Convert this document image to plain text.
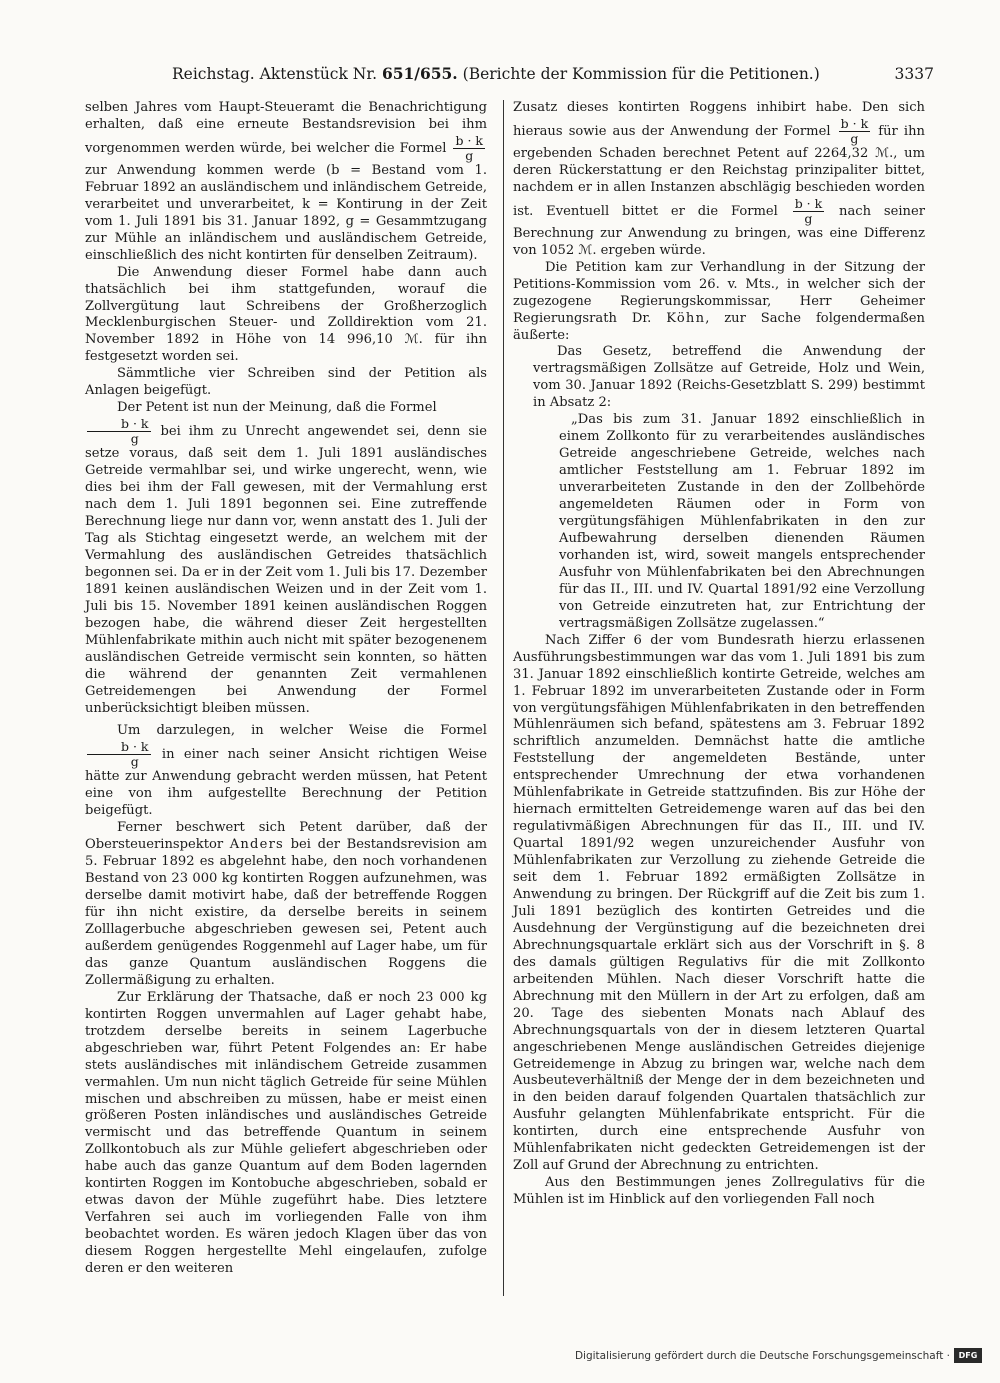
Reichstag. Aktenstück Nr. 651/655. (Berichte der Kommission für die Petitionen.)	3337

selben Jahres vom Haupt-Steueramt die Benachrichtigung erhalten, daß eine erneute Bestandsrevision bei ihm vorgenommen werden würde, bei welcher die Formel $\frac{b \cdot k}{g}$
zur Anwendung kommen werde (b = Bestand vom 1. Februar 1892 an ausländischem und inländischem Getreide, verarbeitet und unverarbeitet, k = Kontirung in der Zeit vom 1. Juli 1891 bis 31. Januar 1892, g = Gesammtzugang zur Mühle an inländischem und ausländischem Getreide, einschließlich des nicht kontirten für denselben Zeitraum).

Die Anwendung dieser Formel habe dann auch thatsächlich bei ihm stattgefunden, worauf die Zollvergütung laut Schreibens der Großherzoglich Mecklenburgischen Steuer- und Zolldirektion vom 21. November 1892 in Höhe von 14 996,10 ℳ. für ihn festgesetzt worden sei.

Sämmtliche vier Schreiben sind der Petition als Anlagen beigefügt.

Der Petent ist nun der Meinung, daß die Formel

$\frac{b \cdot k}{g}$ bei ihm zu Unrecht angewendet sei, denn sie setze voraus, daß seit dem 1. Juli 1891 ausländisches Getreide vermahlbar sei, und wirke ungerecht, wenn, wie dies bei ihm der Fall gewesen, mit der Vermahlung erst nach dem 1. Juli 1891 begonnen sei. Eine zutreffende Berechnung liege nur dann vor, wenn anstatt des 1. Juli der Tag als Stichtag eingesetzt werde, an welchem mit der Vermahlung des ausländischen Getreides thatsächlich begonnen sei. Da er in der Zeit vom 1. Juli bis 17. Dezember 1891 keinen ausländischen Weizen und in der Zeit vom 1. Juli bis 15. November 1891 keinen ausländischen Roggen bezogen habe, die während dieser Zeit hergestellten Mühlenfabrikate mithin auch nicht mit später bezogenenem ausländischen Getreide vermischt sein konnten, so hätten die während der genannten Zeit vermahlenen Getreidemengen bei Anwendung der Formel unberücksichtigt bleiben müssen.

Um darzulegen, in welcher Weise die Formel
$\frac{b \cdot k}{g}$ in einer nach seiner Ansicht richtigen Weise hätte zur Anwendung gebracht werden müssen, hat Petent eine von ihm aufgestellte Berechnung der Petition beigefügt.

Ferner beschwert sich Petent darüber, daß der Obersteuerinspektor Anders bei der Bestandsrevision am 5. Februar 1892 es abgelehnt habe, den noch vorhandenen Bestand von 23 000 kg kontirten Roggen aufzunehmen, was derselbe damit motivirt habe, daß der betreffende Roggen für ihn nicht existire, da derselbe bereits in seinem Zolllagerbuche abgeschrieben gewesen sei, Petent auch außerdem genügendes Roggenmehl auf Lager habe, um für das ganze Quantum ausländischen Roggens die Zollermäßigung zu erhalten.

Zur Erklärung der Thatsache, daß er noch 23 000 kg kontirten Roggen unvermahlen auf Lager gehabt habe, trotzdem derselbe bereits in seinem Lagerbuche abgeschrieben war, führt Petent Folgendes an: Er habe stets ausländisches mit inländischem Getreide zusammen vermahlen. Um nun nicht täglich Getreide für seine Mühlen mischen und abschreiben zu müssen, habe er meist einen größeren Posten inländisches und ausländisches Getreide vermischt und das betreffende Quantum in seinem Zollkontobuch als zur Mühle geliefert abgeschrieben oder habe auch das ganze Quantum auf dem Boden lagernden kontirten Roggen im Kontobuche abgeschrieben, sobald er etwas davon der Mühle zugeführt habe. Dies letztere Verfahren sei auch im vorliegenden Falle von ihm beobachtet worden. Es wären jedoch Klagen über das von diesem Roggen hergestellte Mehl eingelaufen, zufolge deren er den weiteren

Zusatz dieses kontirten Roggens inhibirt habe. Den sich hieraus sowie aus der Anwendung der Formel $\frac{b \cdot k}{g}$ für ihn ergebenden Schaden berechnet Petent auf 2264,32 ℳ., um deren Rückerstattung er den Reichstag prinzipaliter bittet, nachdem er in allen Instanzen abschlägig beschieden worden ist. Eventuell bittet er die Formel $\frac{b \cdot k}{g}$ nach seiner Berechnung zur Anwendung zu bringen, was eine Differenz von 1052 ℳ. ergeben würde.

Die Petition kam zur Verhandlung in der Sitzung der Petitions-Kommission vom 26. v. Mts., in welcher sich der zugezogene Regierungskommissar, Herr Geheimer Regierungsrath Dr. Köhn, zur Sache folgendermaßen äußerte:

Das Gesetz, betreffend die Anwendung der vertragsmäßigen Zollsätze auf Getreide, Holz und Wein, vom 30. Januar 1892 (Reichs-Gesetzblatt S. 299) bestimmt in Absatz 2:

„Das bis zum 31. Januar 1892 einschließlich in einem Zollkonto für zu verarbeitendes ausländisches Getreide angeschriebene Getreide, welches nach amtlicher Feststellung am 1. Februar 1892 im unverarbeiteten Zustande in den der Zollbehörde angemeldeten Räumen oder in Form von vergütungsfähigen Mühlenfabrikaten in den zur Aufbewahrung derselben dienenden Räumen vorhanden ist, wird, soweit mangels entsprechender Ausfuhr von Mühlenfabrikaten bei den Abrechnungen für das II., III. und IV. Quartal 1891/92 eine Verzollung von Getreide einzutreten hat, zur Entrichtung der vertragsmäßigen Zollsätze zugelassen.“

Nach Ziffer 6 der vom Bundesrath hierzu erlassenen Ausführungsbestimmungen war das vom 1. Juli 1891 bis zum 31. Januar 1892 einschließlich kontirte Getreide, welches am 1. Februar 1892 im unverarbeiteten Zustande oder in Form von vergütungsfähigen Mühlenfabrikaten in den betreffenden Mühlenräumen sich befand, spätestens am 3. Februar 1892 schriftlich anzumelden. Demnächst hatte die amtliche Feststellung der angemeldeten Bestände, unter entsprechender Umrechnung der etwa vorhandenen Mühlenfabrikate in Getreide stattzufinden. Bis zur Höhe der hiernach ermittelten Getreidemenge waren auf das bei den regulativmäßigen Abrechnungen für das II., III. und IV. Quartal 1891/92 wegen unzureichender Ausfuhr von Mühlenfabrikaten zur Verzollung zu ziehende Getreide die seit dem 1. Februar 1892 ermäßigten Zollsätze in Anwendung zu bringen. Der Rückgriff auf die Zeit bis zum 1. Juli 1891 bezüglich des kontirten Getreides und die Ausdehnung der Vergünstigung auf die bezeichneten drei Abrechnungsquartale erklärt sich aus der Vorschrift in §. 8 des damals gültigen Regulativs für die mit Zollkonto arbeitenden Mühlen. Nach dieser Vorschrift hatte die Abrechnung mit den Müllern in der Art zu erfolgen, daß am 20. Tage des siebenten Monats nach Ablauf des Abrechnungsquartals von der in diesem letzteren Quartal angeschriebenen Menge ausländischen Getreides diejenige Getreidemenge in Abzug zu bringen war, welche nach dem Ausbeuteverhältniß der Menge der in dem bezeichneten und in den beiden darauf folgenden Quartalen thatsächlich zur Ausfuhr gelangten Mühlenfabrikate entspricht. Für die kontirten, durch eine entsprechende Ausfuhr von Mühlenfabrikaten nicht gedeckten Getreidemengen ist der Zoll auf Grund der Abrechnung zu entrichten.

Aus den Bestimmungen jenes Zollregulativs für die Mühlen ist im Hinblick auf den vorliegenden Fall noch

Digitalisierung gefördert durch die Deutsche Forschungsgemeinschaft ·	DFG
